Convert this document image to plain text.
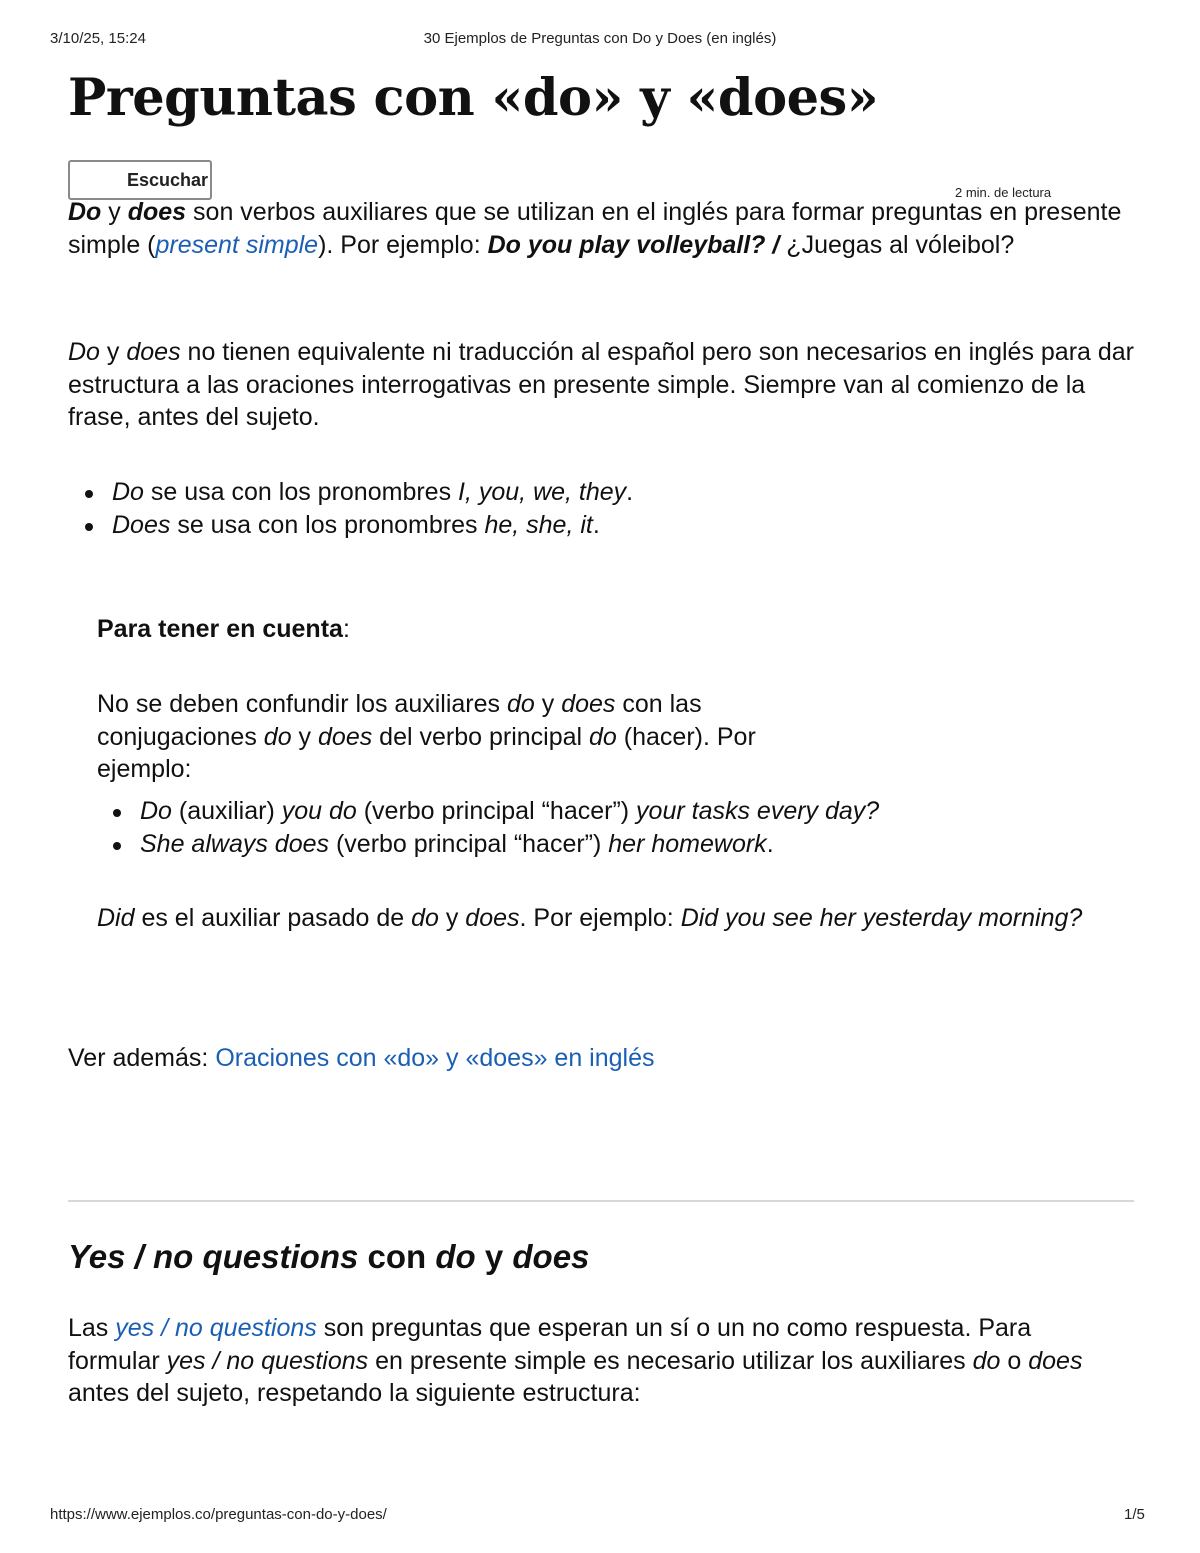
3/10/25, 15:24	30 Ejemplos de Preguntas con Do y Does (en inglés)
Preguntas con «do» y «does»
Escuchar
2 min. de lectura

Do y does son verbos auxiliares que se utilizan en el inglés para formar preguntas en presente simple (present simple). Por ejemplo: Do you play volleyball? / ¿Juegas al vóleibol?

Do y does no tienen equivalente ni traducción al español pero son necesarios en inglés para dar estructura a las oraciones interrogativas en presente simple. Siempre van al comienzo de la frase, antes del sujeto.

Do se usa con los pronombres I, you, we, they.
Does se usa con los pronombres he, she, it.

Para tener en cuenta:

No se deben confundir los auxiliares do y does con las conjugaciones do y does del verbo principal do (hacer). Por ejemplo:

Do (auxiliar) you do (verbo principal “hacer”) your tasks every day?
She always does (verbo principal “hacer”) her homework.

Did es el auxiliar pasado de do y does. Por ejemplo: Did you see her yesterday morning?

Ver además: Oraciones con «do» y «does» en inglés

Yes / no questions con do y does

Las yes / no questions son preguntas que esperan un sí o un no como respuesta. Para formular yes / no questions en presente simple es necesario utilizar los auxiliares do o does antes del sujeto, respetando la siguiente estructura:

https://www.ejemplos.co/preguntas-con-do-y-does/	1/5
